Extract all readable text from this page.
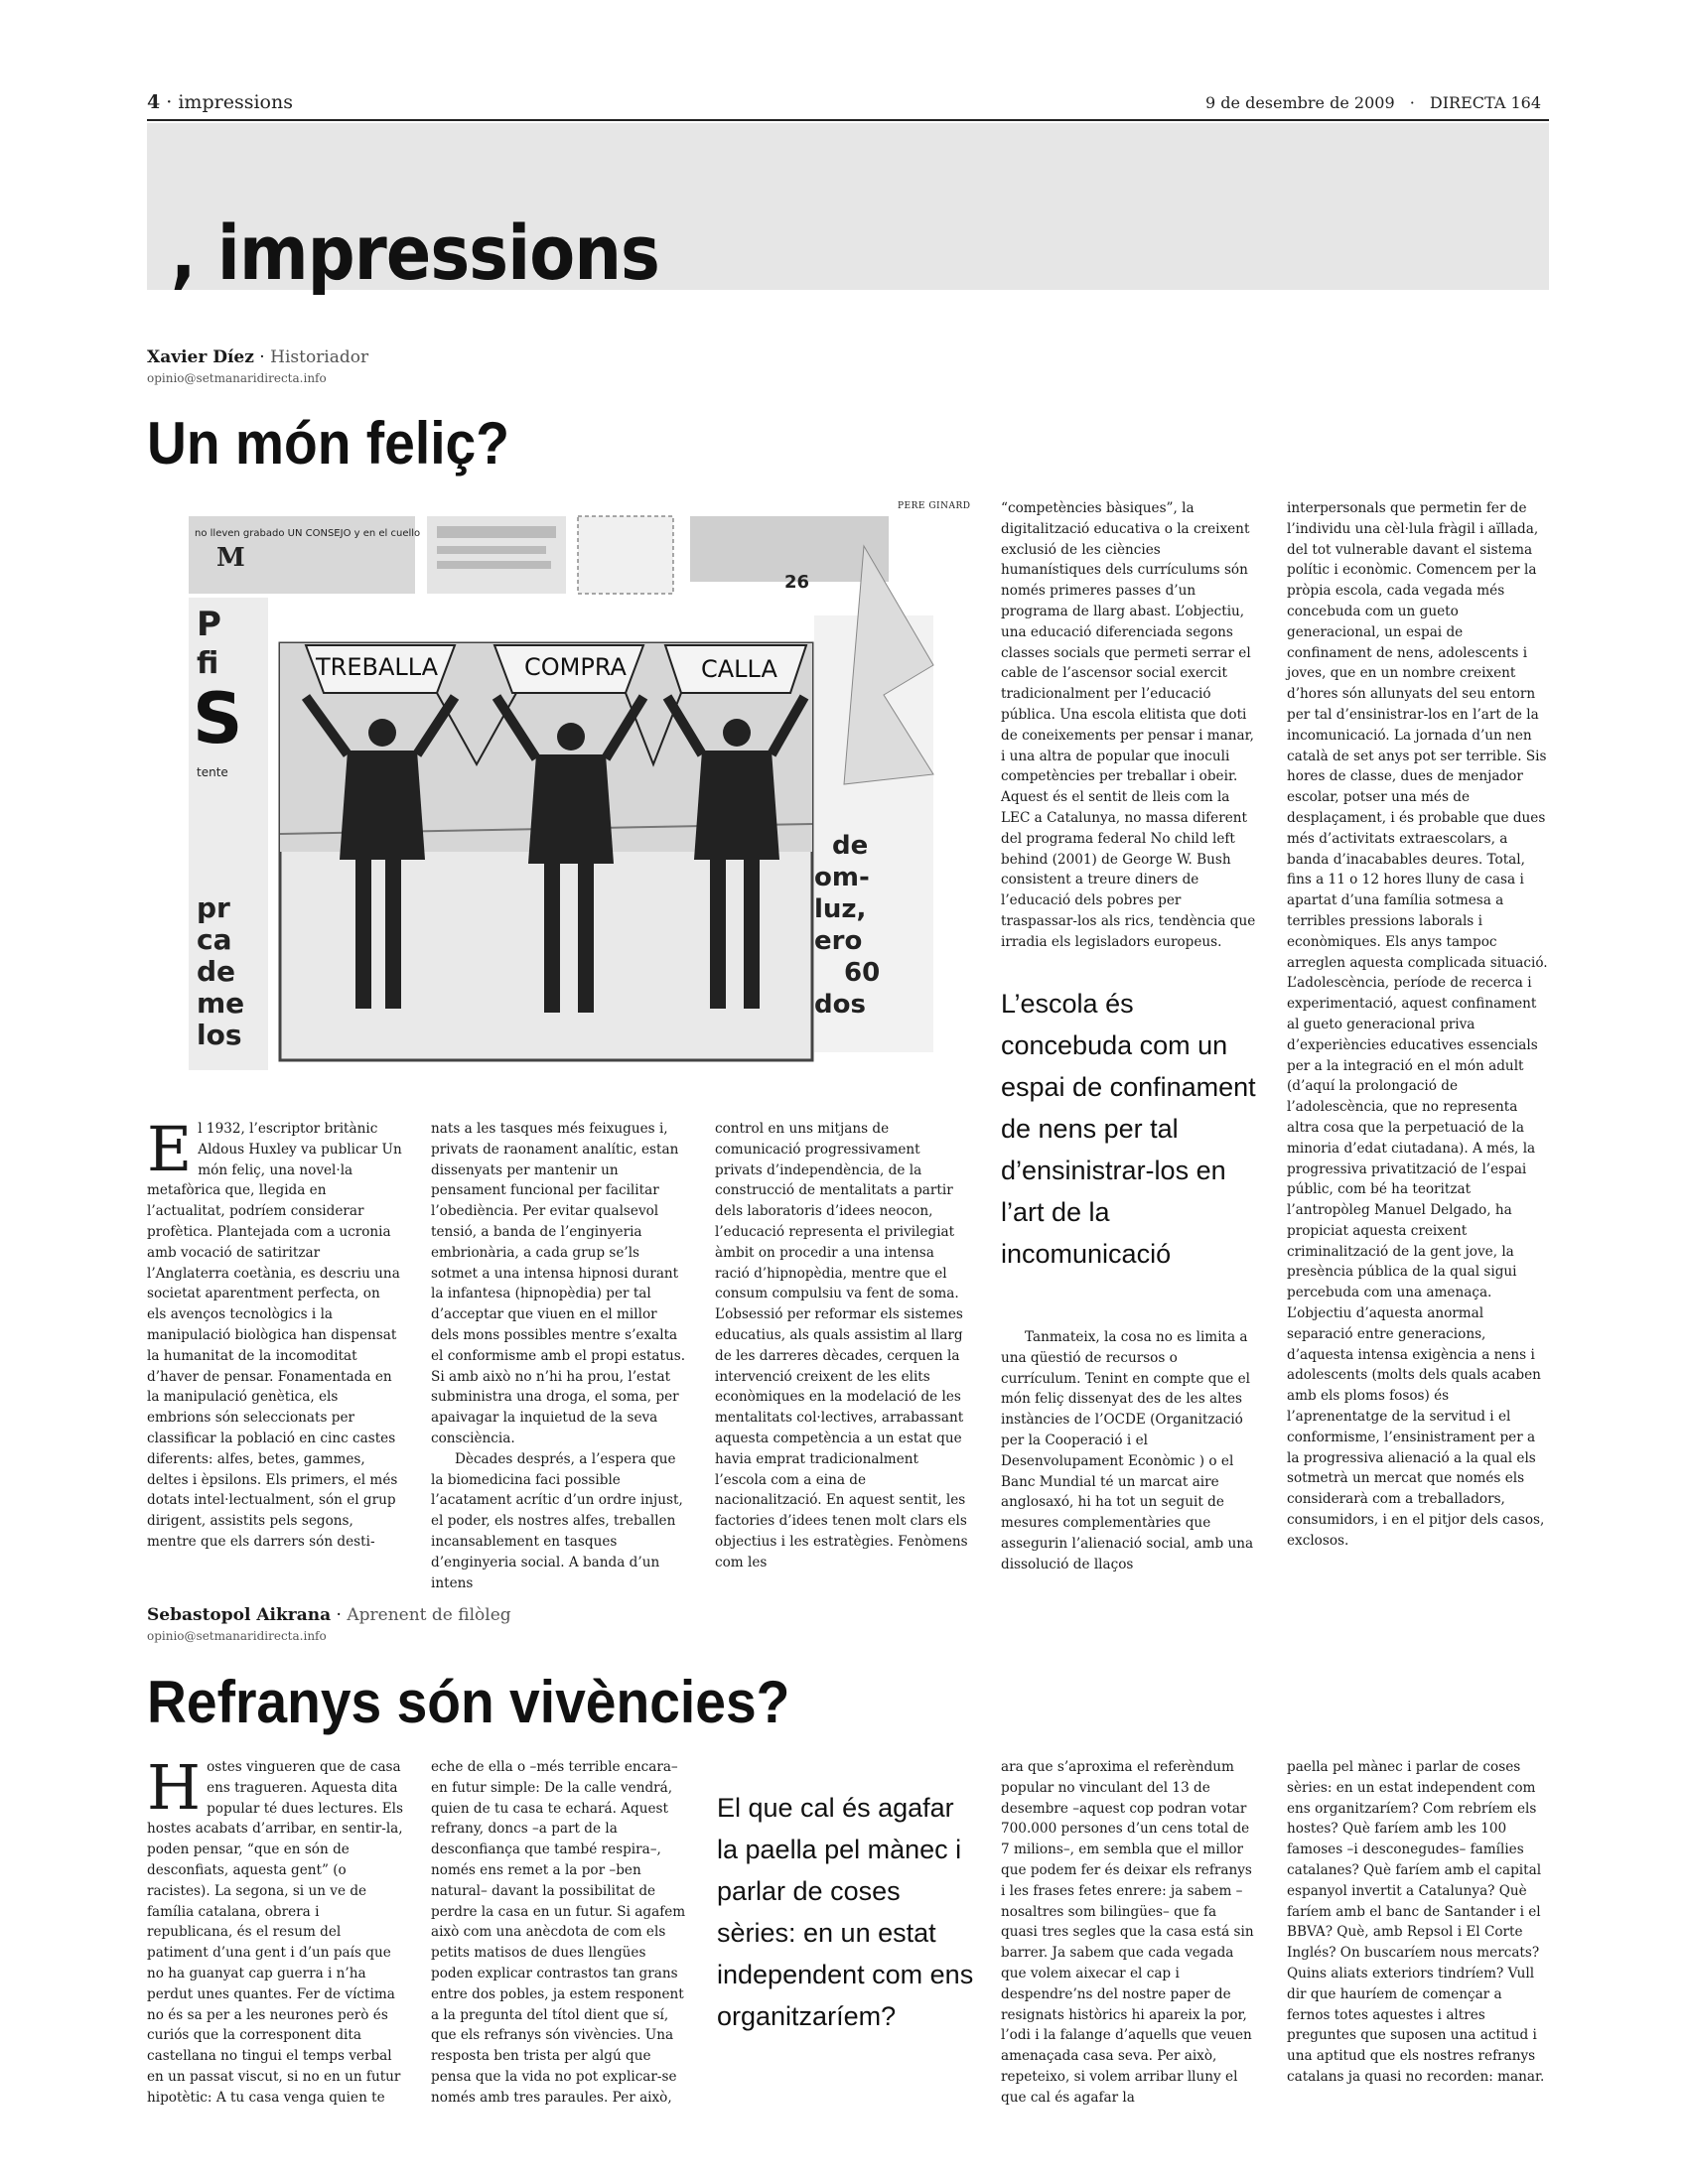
4 · impressions	9 de desembre de 2009 · DIRECTA 164
, impressions
Xavier Díez · Historiador
opinio@setmanaridirecta.info
Un món feliç?
PERE GINARD
no lleven grabado UN CONSEJO y en el cuello
M
26
P
fi
S
tente
pr
ca
de
me
los
de
om-
luz,
ero
60
dos
TREBALLA	COMPRA	CALLA

El 1932, l’escriptor britànic Aldous Huxley va publicar Un món feliç, una novel·la metafòrica que, llegida en l’actualitat, podríem considerar profètica. Plantejada com a ucronia amb vocació de satiritzar l’Anglaterra coetània, es descriu una societat aparentment perfecta, on els avenços tecnològics i la manipulació biològica han dispensat la humanitat de la incomoditat d’haver de pensar. Fonamentada en la manipulació genètica, els embrions són seleccionats per classificar la població en cinc castes diferents: alfes, betes, gammes, deltes i èpsilons. Els primers, el més dotats intel·lectualment, són el grup dirigent, assistits pels segons, mentre que els darrers són desti-

nats a les tasques més feixugues i, privats de raonament analític, estan dissenyats per mantenir un pensament funcional per facilitar l’obediència. Per evitar qualsevol tensió, a banda de l’enginyeria embrionària, a cada grup se’ls sotmet a una intensa hipnosi durant la infantesa (hipnopèdia) per tal d’acceptar que viuen en el millor dels mons possibles mentre s’exalta el conformisme amb el propi estatus. Si amb això no n’hi ha prou, l’estat subministra una droga, el soma, per apaivagar la inquietud de la seva consciència.

Dècades després, a l’espera que la biomedicina faci possible l’acatament acrític d’un ordre injust, el poder, els nostres alfes, treballen incansablement en tasques d’enginyeria social. A banda d’un intens

control en uns mitjans de comunicació progressivament privats d’independència, de la construcció de mentalitats a partir dels laboratoris d’idees neocon, l’educació representa el privilegiat àmbit on procedir a una intensa ració d’hipnopèdia, mentre que el consum compulsiu va fent de soma. L’obsessió per reformar els sistemes educatius, als quals assistim al llarg de les darreres dècades, cerquen la intervenció creixent de les elits econòmiques en la modelació de les mentalitats col·lectives, arrabassant aquesta competència a un estat que havia emprat tradicionalment l’escola com a eina de nacionalització. En aquest sentit, les factories d’idees tenen molt clars els objectius i les estratègies. Fenòmens com les

“competències bàsiques”, la digitalització educativa o la creixent exclusió de les ciències humanístiques dels currículums són només primeres passes d’un programa de llarg abast. L’objectiu, una educació diferenciada segons classes socials que permeti serrar el cable de l’ascensor social exercit tradicionalment per l’educació pública. Una escola elitista que doti de coneixements per pensar i manar, i una altra de popular que inoculi competències per treballar i obeir. Aquest és el sentit de lleis com la LEC a Catalunya, no massa diferent del programa federal No child left behind (2001) de George W. Bush consistent a treure diners de l’educació dels pobres per traspassar-los als rics, tendència que irradia els legisladors europeus.

L’escola és concebuda com un espai de confinament de nens per tal d’ensinistrar-los en l’art de la incomunicació

Tanmateix, la cosa no es limita a una qüestió de recursos o currículum. Tenint en compte que el món feliç dissenyat des de les altes instàncies de l’OCDE (Organització per la Cooperació i el Desenvolupament Econòmic ) o el Banc Mundial té un marcat aire anglosaxó, hi ha tot un seguit de mesures complementàries que assegurin l’alienació social, amb una dissolució de llaços

interpersonals que permetin fer de l’individu una cèl·lula fràgil i aïllada, del tot vulnerable davant el sistema polític i econòmic. Comencem per la pròpia escola, cada vegada més concebuda com un gueto generacional, un espai de confinament de nens, adolescents i joves, que en un nombre creixent d’hores són allunyats del seu entorn per tal d’ensinistrar-los en l’art de la incomunicació. La jornada d’un nen català de set anys pot ser terrible. Sis hores de classe, dues de menjador escolar, potser una més de desplaçament, i és probable que dues més d’activitats extraescolars, a banda d’inacabables deures. Total, fins a 11 o 12 hores lluny de casa i apartat d’una família sotmesa a terribles pressions laborals i econòmiques. Els anys tampoc arreglen aquesta complicada situació. L’adolescència, període de recerca i experimentació, aquest confinament al gueto generacional priva d’experiències educatives essencials per a la integració en el món adult (d’aquí la prolongació de l’adolescència, que no representa altra cosa que la perpetuació de la minoria d’edat ciutadana). A més, la progressiva privatització de l’espai públic, com bé ha teoritzat l’antropòleg Manuel Delgado, ha propiciat aquesta creixent criminalització de la gent jove, la presència pública de la qual sigui percebuda com una amenaça. L’objectiu d’aquesta anormal separació entre generacions, d’aquesta intensa exigència a nens i adolescents (molts dels quals acaben amb els ploms fosos) és l’aprenentatge de la servitud i el conformisme, l’ensinistrament per a la progressiva alienació a la qual els sotmetrà un mercat que només els considerarà com a treballadors, consumidors, i en el pitjor dels casos, exclosos.

Sebastopol Aikrana · Aprenent de filòleg
opinio@setmanaridirecta.info
Refranys són vivències?

Hostes vingueren que de casa ens tragueren. Aquesta dita popular té dues lectures. Els hostes acabats d’arribar, en sentir-la, poden pensar, “que en són de desconfiats, aquesta gent” (o racistes). La segona, si un ve de família catalana, obrera i republicana, és el resum del patiment d’una gent i d’un país que no ha guanyat cap guerra i n’ha perdut unes quantes. Fer de víctima no és sa per a les neurones però és curiós que la corresponent dita castellana no tingui el temps verbal en un passat viscut, si no en un futur hipotètic: A tu casa venga quien te

eche de ella o –més terrible encara– en futur simple: De la calle vendrá, quien de tu casa te echará. Aquest refrany, doncs –a part de la desconfiança que també respira–, només ens remet a la por –ben natural– davant la possibilitat de perdre la casa en un futur. Si agafem això com una anècdota de com els petits matisos de dues llengües poden explicar contrastos tan grans entre dos pobles, ja estem responent a la pregunta del títol dient que sí, que els refranys són vivències. Una resposta ben trista per algú que pensa que la vida no pot explicar-se només amb tres paraules. Per això,

El que cal és agafar la paella pel mànec i parlar de coses sèries: en un estat independent com ens organitzaríem?

ara que s’aproxima el referèndum popular no vinculant del 13 de desembre –aquest cop podran votar 700.000 persones d’un cens total de 7 milions–, em sembla que el millor que podem fer és deixar els refranys i les frases fetes enrere: ja sabem –nosaltres som bilingües– que fa quasi tres segles que la casa está sin barrer. Ja sabem que cada vegada que volem aixecar el cap i despendre’ns del nostre paper de resignats històrics hi apareix la por, l’odi i la falange d’aquells que veuen amenaçada casa seva. Per això, repeteixo, si volem arribar lluny el que cal és agafar la

paella pel mànec i parlar de coses sèries: en un estat independent com ens organitzaríem? Com rebríem els hostes? Què faríem amb les 100 famoses –i desconegudes– famílies catalanes? Què faríem amb el capital espanyol invertit a Catalunya? Què faríem amb el banc de Santander i el BBVA? Què, amb Repsol i El Corte Inglés? On buscaríem nous mercats? Quins aliats exteriors tindríem? Vull dir que hauríem de començar a fernos totes aquestes i altres preguntes que suposen una actitud i una aptitud que els nostres refranys catalans ja quasi no recorden: manar.
